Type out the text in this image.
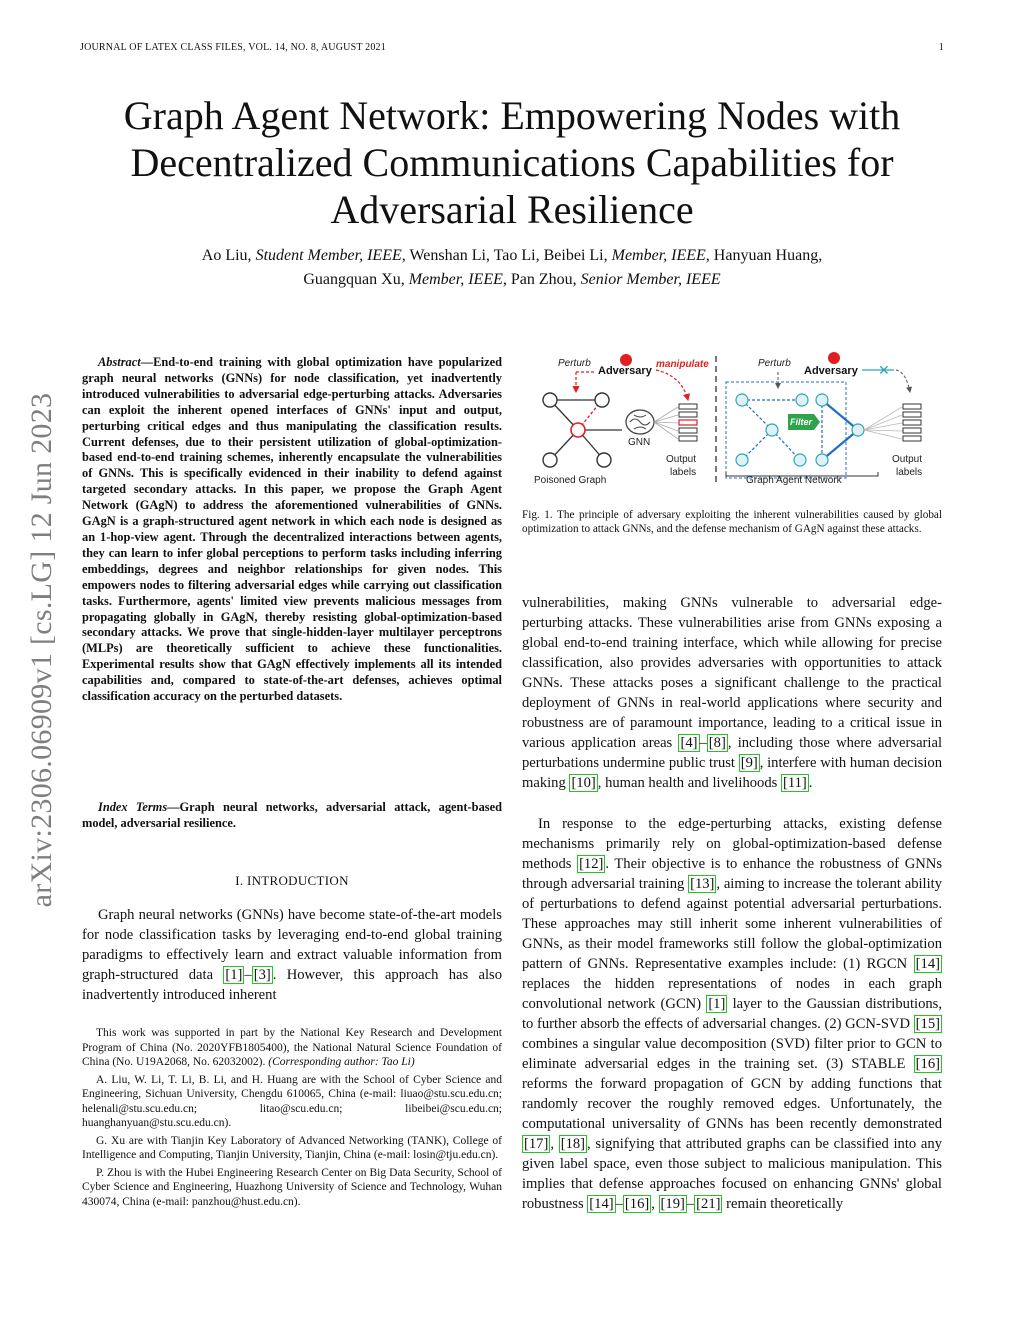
JOURNAL OF LATEX CLASS FILES, VOL. 14, NO. 8, AUGUST 2021	1
Graph Agent Network: Empowering Nodes with Decentralized Communications Capabilities for Adversarial Resilience
Ao Liu, Student Member, IEEE, Wenshan Li, Tao Li, Beibei Li, Member, IEEE, Hanyuan Huang,
Guangquan Xu, Member, IEEE, Pan Zhou, Senior Member, IEEE
arXiv:2306.06909v1 [cs.LG] 12 Jun 2023
Abstract—End-to-end training with global optimization have popularized graph neural networks (GNNs) for node classification, yet inadvertently introduced vulnerabilities to adversarial edge-perturbing attacks. Adversaries can exploit the inherent opened interfaces of GNNs' input and output, perturbing critical edges and thus manipulating the classification results. Current defenses, due to their persistent utilization of global-optimization-based end-to-end training schemes, inherently encapsulate the vulnerabilities of GNNs. This is specifically evidenced in their inability to defend against targeted secondary attacks. In this paper, we propose the Graph Agent Network (GAgN) to address the aforementioned vulnerabilities of GNNs. GAgN is a graph-structured agent network in which each node is designed as an 1-hop-view agent. Through the decentralized interactions between agents, they can learn to infer global perceptions to perform tasks including inferring embeddings, degrees and neighbor relationships for given nodes. This empowers nodes to filtering adversarial edges while carrying out classification tasks. Furthermore, agents' limited view prevents malicious messages from propagating globally in GAgN, thereby resisting global-optimization-based secondary attacks. We prove that single-hidden-layer multilayer perceptrons (MLPs) are theoretically sufficient to achieve these functionalities. Experimental results show that GAgN effectively implements all its intended capabilities and, compared to state-of-the-art defenses, achieves optimal classification accuracy on the perturbed datasets.
Index Terms—Graph neural networks, adversarial attack, agent-based model, adversarial resilience.
I. INTRODUCTION
Graph neural networks (GNNs) have become state-of-the-art models for node classification tasks by leveraging end-to-end global training paradigms to effectively learn and extract valuable information from graph-structured data [1] – [3] . However, this approach has also inadvertently introduced inherent

This work was supported in part by the National Key Research and Development Program of China (No. 2020YFB1805400), the National Natural Science Foundation of China (No. U19A2068, No. 62032002). (Corresponding author: Tao Li)

A. Liu, W. Li, T. Li, B. Li, and H. Huang are with the School of Cyber Science and Engineering, Sichuan University, Chengdu 610065, China (e-mail: liuao@stu.scu.edu.cn; helenali@stu.scu.edu.cn; litao@scu.edu.cn; libeibei@scu.edu.cn; huanghanyuan@stu.scu.edu.cn).

G. Xu are with Tianjin Key Laboratory of Advanced Networking (TANK), College of Intelligence and Computing, Tianjin University, Tianjin, China (e-mail: losin@tju.edu.cn).

P. Zhou is with the Hubei Engineering Research Center on Big Data Security, School of Cyber Science and Engineering, Huazhong University of Science and Technology, Wuhan 430074, China (e-mail: panzhou@hust.edu.cn).

Perturb
Adversary
manipulate
GNN
Output
labels
Poisoned Graph
Perturb
Adversary ✕
Filter
Output
labels
Graph Agent Network
Fig. 1. The principle of adversary exploiting the inherent vulnerabilities caused by global optimization to attack GNNs, and the defense mechanism of GAgN against these attacks.
vulnerabilities, making GNNs vulnerable to adversarial edge-perturbing attacks. These vulnerabilities arise from GNNs exposing a global end-to-end training interface, which while allowing for precise classification, also provides adversaries with opportunities to attack GNNs. These attacks poses a significant challenge to the practical deployment of GNNs in real-world applications where security and robustness are of paramount importance, leading to a critical issue in various application areas [4] – [8] , including those where adversarial perturbations undermine public trust [9] , interfere with human decision making [10] , human health and livelihoods [11] .
In response to the edge-perturbing attacks, existing defense mechanisms primarily rely on global-optimization-based defense methods [12] . Their objective is to enhance the robustness of GNNs through adversarial training [13] , aiming to increase the tolerant ability of perturbations to defend against potential adversarial perturbations. These approaches may still inherit some inherent vulnerabilities of GNNs, as their model frameworks still follow the global-optimization pattern of GNNs. Representative examples include: (1) RGCN [14] replaces the hidden representations of nodes in each graph convolutional network (GCN) [1] layer to the Gaussian distributions, to further absorb the effects of adversarial changes. (2) GCN-SVD [15] combines a singular value decomposition (SVD) filter prior to GCN to eliminate adversarial edges in the training set. (3) STABLE [16] reforms the forward propagation of GCN by adding functions that randomly recover the roughly removed edges. Unfortunately, the computational universality of GNNs has been recently demonstrated [17] , [18] , signifying that attributed graphs can be classified into any given label space, even those subject to malicious manipulation. This implies that defense approaches focused on enhancing GNNs' global robustness [14] – [16] , [19] – [21] remain theoretically
